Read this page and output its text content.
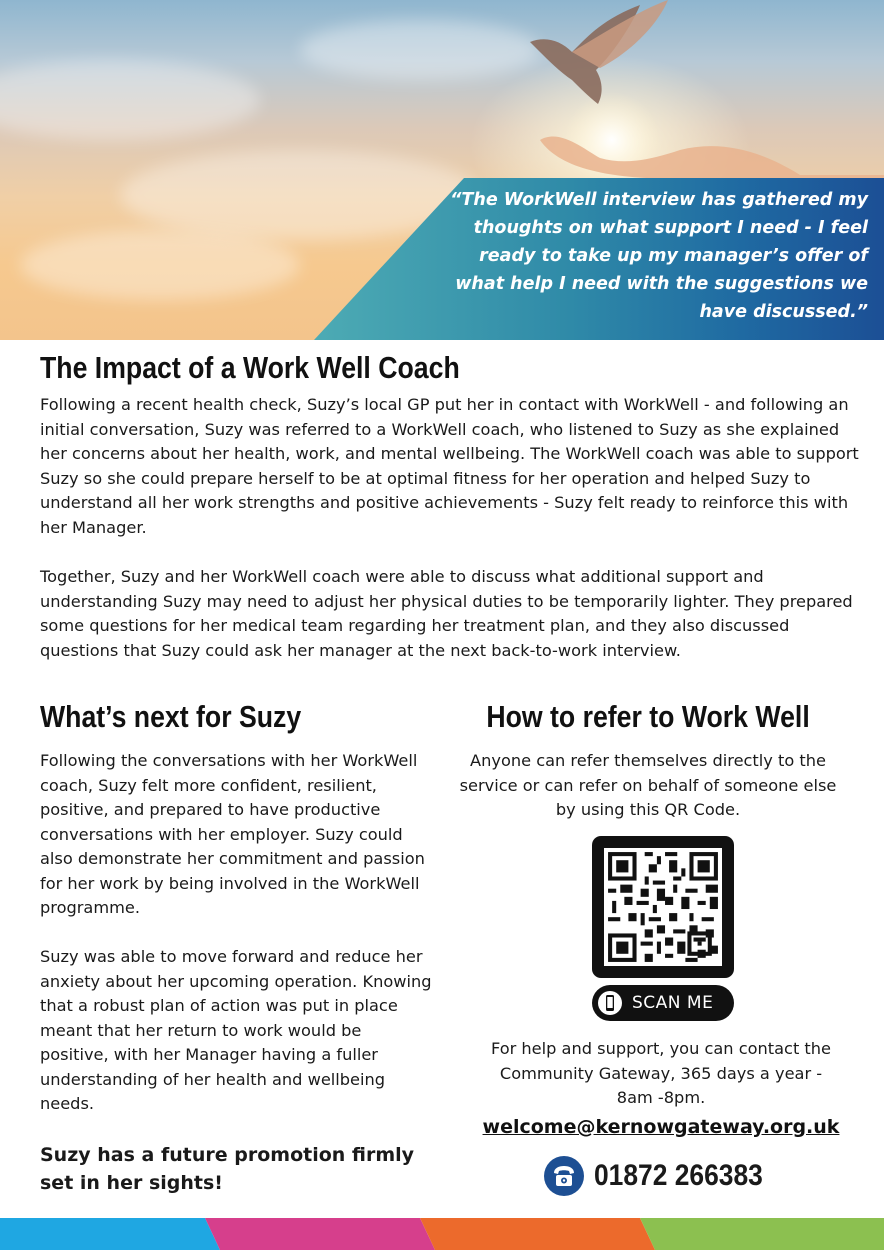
“The WorkWell interview has gathered my thoughts on what support I need - I feel ready to take up my manager’s offer of what help I need with the suggestions we have discussed.”

The Impact of a Work Well Coach

Following a recent health check, Suzy’s local GP put her in contact with WorkWell - and following an initial conversation, Suzy was referred to a WorkWell coach, who listened to Suzy as she explained her concerns about her health, work, and mental wellbeing. The WorkWell coach was able to support Suzy so she could prepare herself to be at optimal fitness for her operation and helped Suzy to understand all her work strengths and positive achievements - Suzy felt ready to reinforce this with her Manager.

Together, Suzy and her WorkWell coach were able to discuss what additional support and understanding Suzy may need to adjust her physical duties to be temporarily lighter. They prepared some questions for her medical team regarding her treatment plan, and they also discussed questions that Suzy could ask her manager at the next back-to-work interview.

What’s next for Suzy

Following the conversations with her WorkWell coach, Suzy felt more confident, resilient, positive, and prepared to have productive conversations with her employer. Suzy could also demonstrate her commitment and passion for her work by being involved in the WorkWell programme.

Suzy was able to move forward and reduce her anxiety about her upcoming operation. Knowing that a robust plan of action was put in place meant that her return to work would be positive, with her Manager having a fuller understanding of her health and wellbeing needs.

Suzy has a future promotion firmly set in her sights!

How to refer to Work Well

Anyone can refer themselves directly to the service or can refer on behalf of someone else by using this QR Code.

SCAN ME

For help and support, you can contact the Community Gateway, 365 days a year - 8am -8pm.

welcome@kernowgateway.org.uk

01872 266383
